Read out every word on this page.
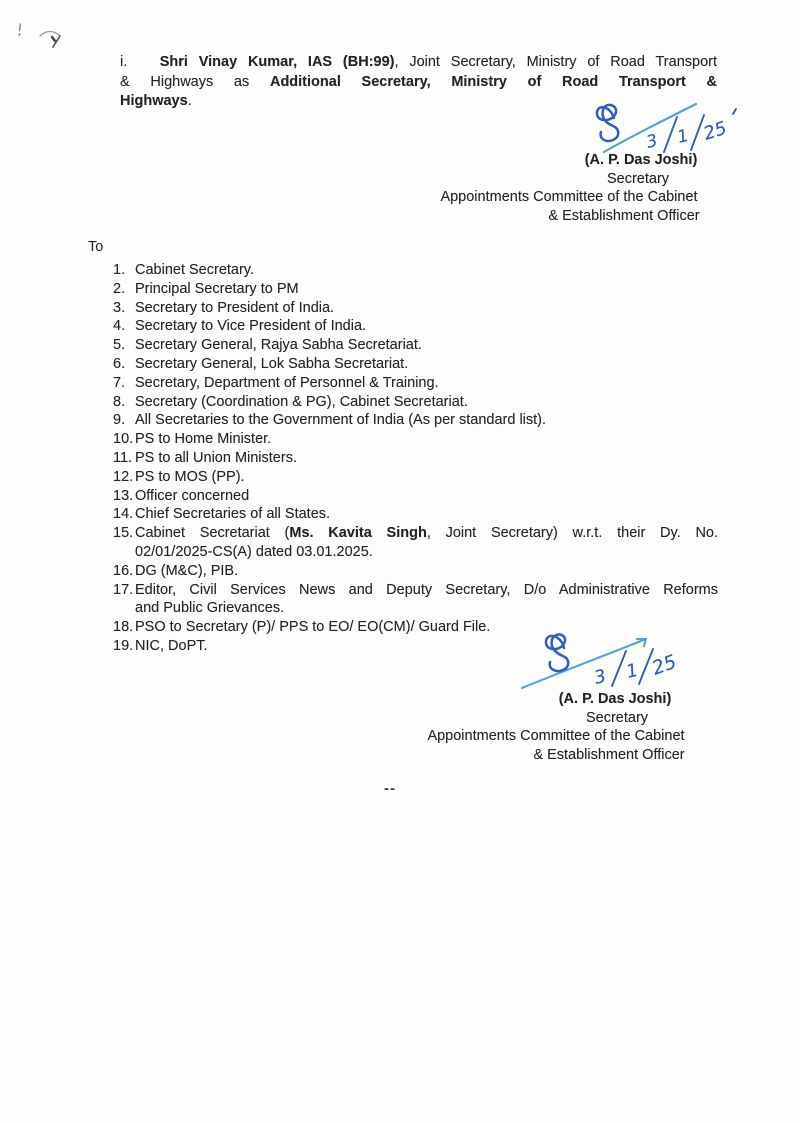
i.   Shri Vinay Kumar, IAS (BH:99), Joint Secretary, Ministry of Road Transport
& Highways as Additional Secretary, Ministry of Road Transport &
Highways.
3 1 25
(A. P. Das Joshi)
Secretary
Appointments Committee of the Cabinet
& Establishment Officer
To
1. Cabinet Secretary.
2. Principal Secretary to PM
3. Secretary to President of India.
4. Secretary to Vice President of India.
5. Secretary General, Rajya Sabha Secretariat.
6. Secretary General, Lok Sabha Secretariat.
7. Secretary, Department of Personnel & Training.
8. Secretary (Coordination & PG), Cabinet Secretariat.
9. All Secretaries to the Government of India (As per standard list).
10. PS to Home Minister.
11. PS to all Union Ministers.
12. PS to MOS (PP).
13. Officer concerned
14. Chief Secretaries of all States.
15. Cabinet Secretariat (Ms. Kavita Singh, Joint Secretary) w.r.t. their Dy. No.
02/01/2025-CS(A) dated 03.01.2025.
16. DG (M&C), PIB.
17. Editor, Civil Services News and Deputy Secretary, D/o Administrative Reforms
and Public Grievances.
18. PSO to Secretary (P)/ PPS to EO/ EO(CM)/ Guard File.
19. NIC, DoPT.
3 1 25
(A. P. Das Joshi)
Secretary
Appointments Committee of the Cabinet
& Establishment Officer
--
